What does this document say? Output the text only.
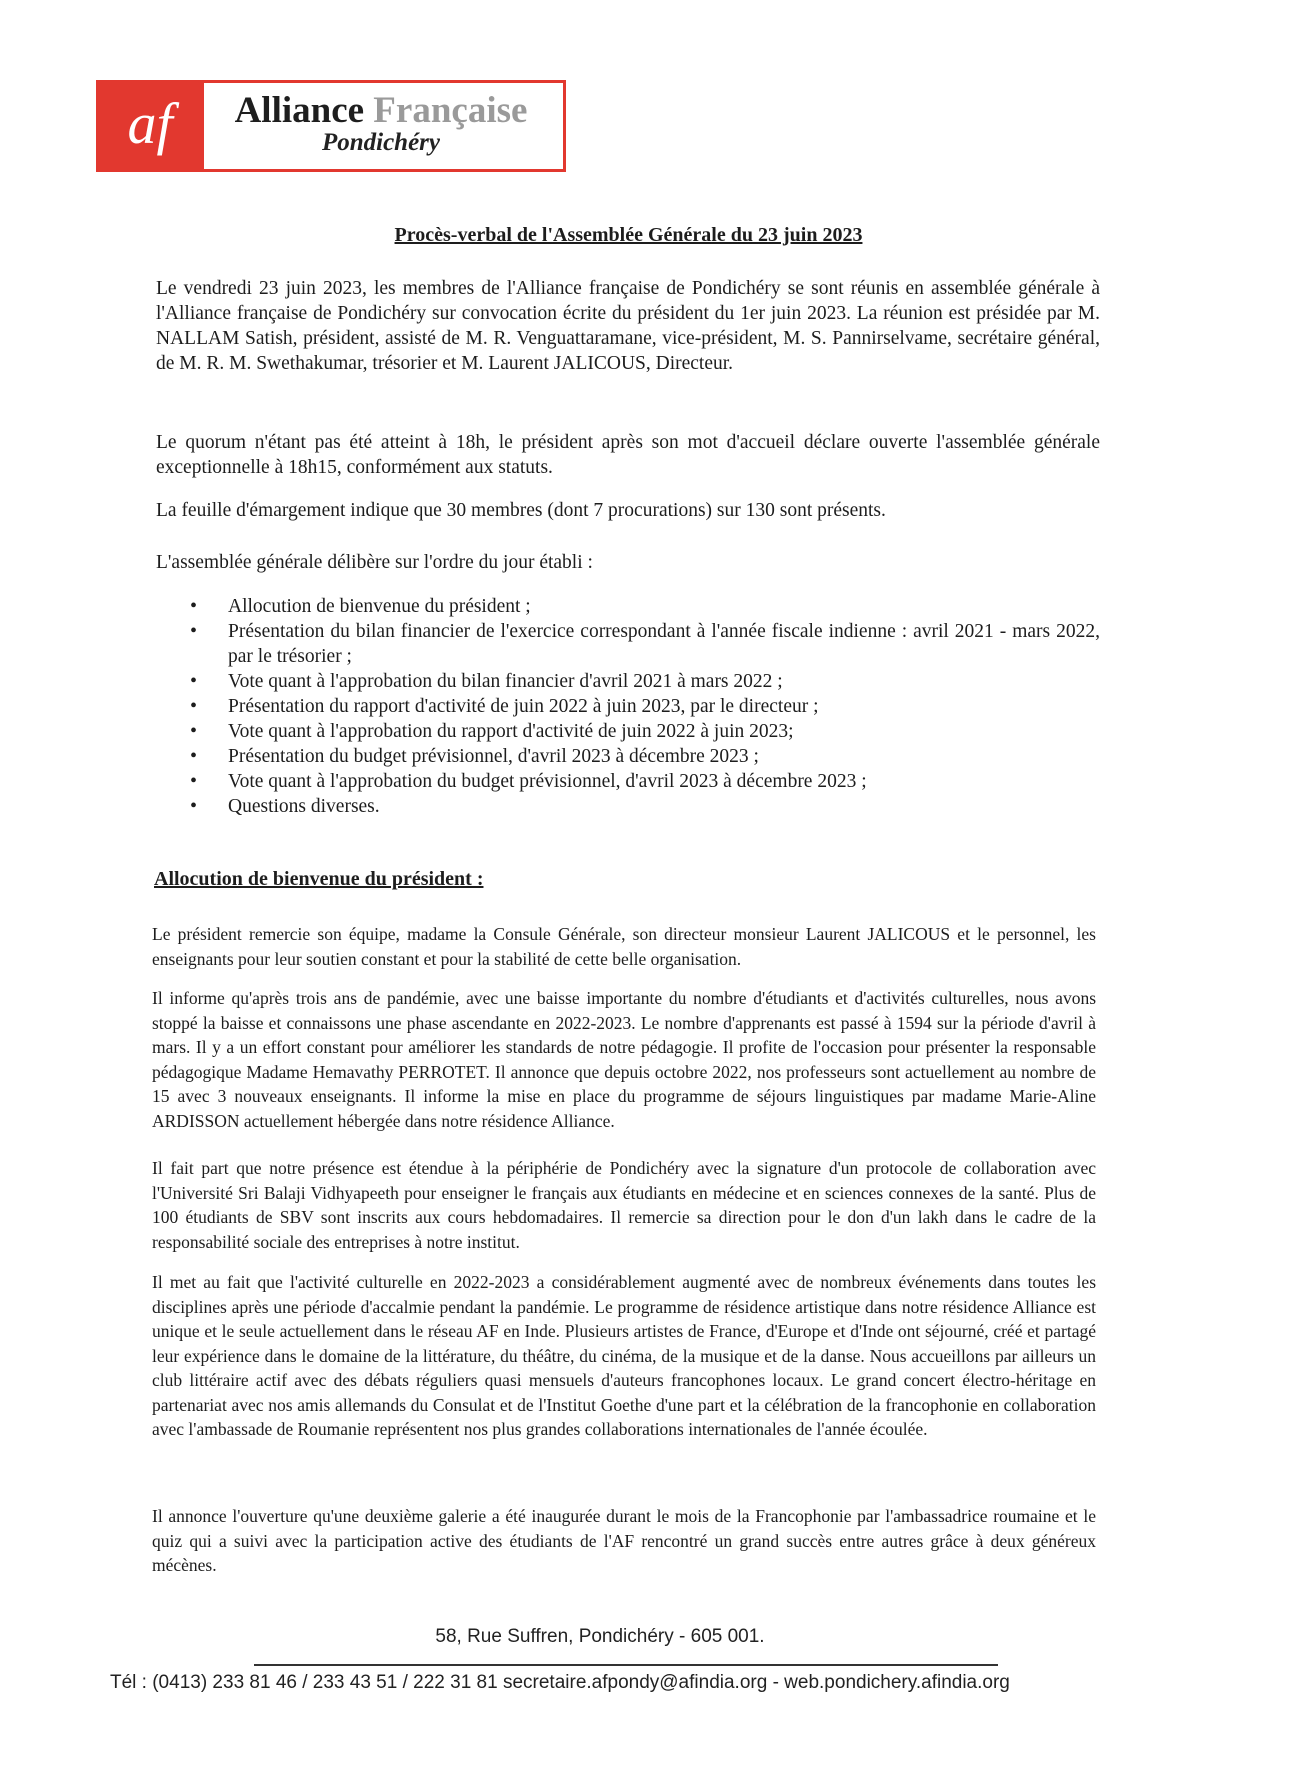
af	Alliance Française
Pondichéry
Procès-verbal de l'Assemblée Générale du 23 juin 2023

Le vendredi 23 juin 2023, les membres de l'Alliance française de Pondichéry se sont réunis en assemblée générale à l'Alliance française de Pondichéry sur convocation écrite du président du 1er juin 2023. La réunion est présidée par M. NALLAM Satish, président, assisté de M. R. Venguattaramane, vice-président, M. S. Pannirselvame, secrétaire général, de M. R. M. Swethakumar, trésorier et M. Laurent JALICOUS, Directeur.

Le quorum n'étant pas été atteint à 18h, le président après son mot d'accueil déclare ouverte l'assemblée générale exceptionnelle à 18h15, conformément aux statuts.

La feuille d'émargement indique que 30 membres (dont 7 procurations) sur 130 sont présents.

L'assemblée générale délibère sur l'ordre du jour établi :

• Allocution de bienvenue du président ;
• Présentation du bilan financier de l'exercice correspondant à l'année fiscale indienne : avril 2021 - mars 2022, par le trésorier ;
• Vote quant à l'approbation du bilan financier d'avril 2021 à mars 2022 ;
• Présentation du rapport d'activité de juin 2022 à juin 2023, par le directeur ;
• Vote quant à l'approbation du rapport d'activité de juin 2022 à juin 2023;
• Présentation du budget prévisionnel, d'avril 2023 à décembre 2023 ;
• Vote quant à l'approbation du budget prévisionnel, d'avril 2023 à décembre 2023 ;
• Questions diverses.
Allocution de bienvenue du président :

Le président remercie son équipe, madame la Consule Générale, son directeur monsieur Laurent JALICOUS et le personnel, les enseignants pour leur soutien constant et pour la stabilité de cette belle organisation.

Il informe qu'après trois ans de pandémie, avec une baisse importante du nombre d'étudiants et d'activités culturelles, nous avons stoppé la baisse et connaissons une phase ascendante en 2022-2023. Le nombre d'apprenants est passé à 1594 sur la période d'avril à mars. Il y a un effort constant pour améliorer les standards de notre pédagogie. Il profite de l'occasion pour présenter la responsable pédagogique Madame Hemavathy PERROTET. Il annonce que depuis octobre 2022, nos professeurs sont actuellement au nombre de 15 avec 3 nouveaux enseignants. Il informe la mise en place du programme de séjours linguistiques par madame Marie-Aline ARDISSON actuellement hébergée dans notre résidence Alliance.

Il fait part que notre présence est étendue à la périphérie de Pondichéry avec la signature d'un protocole de collaboration avec l'Université Sri Balaji Vidhyapeeth pour enseigner le français aux étudiants en médecine et en sciences connexes de la santé. Plus de 100 étudiants de SBV sont inscrits aux cours hebdomadaires. Il remercie sa direction pour le don d'un lakh dans le cadre de la responsabilité sociale des entreprises à notre institut.

Il met au fait que l'activité culturelle en 2022-2023 a considérablement augmenté avec de nombreux événements dans toutes les disciplines après une période d'accalmie pendant la pandémie. Le programme de résidence artistique dans notre résidence Alliance est unique et le seule actuellement dans le réseau AF en Inde. Plusieurs artistes de France, d'Europe et d'Inde ont séjourné, créé et partagé leur expérience dans le domaine de la littérature, du théâtre, du cinéma, de la musique et de la danse. Nous accueillons par ailleurs un club littéraire actif avec des débats réguliers quasi mensuels d'auteurs francophones locaux. Le grand concert électro-héritage en partenariat avec nos amis allemands du Consulat et de l'Institut Goethe d'une part et la célébration de la francophonie en collaboration avec l'ambassade de Roumanie représentent nos plus grandes collaborations internationales de l'année écoulée.

Il annonce l'ouverture qu'une deuxième galerie a été inaugurée durant le mois de la Francophonie par l'ambassadrice roumaine et le quiz qui a suivi avec la participation active des étudiants de l'AF rencontré un grand succès entre autres grâce à deux généreux mécènes.

58, Rue Suffren, Pondichéry - 605 001.
Tél : (0413) 233 81 46 / 233 43 51 / 222 31 81 secretaire.afpondy@afindia.org - web.pondichery.afindia.org
